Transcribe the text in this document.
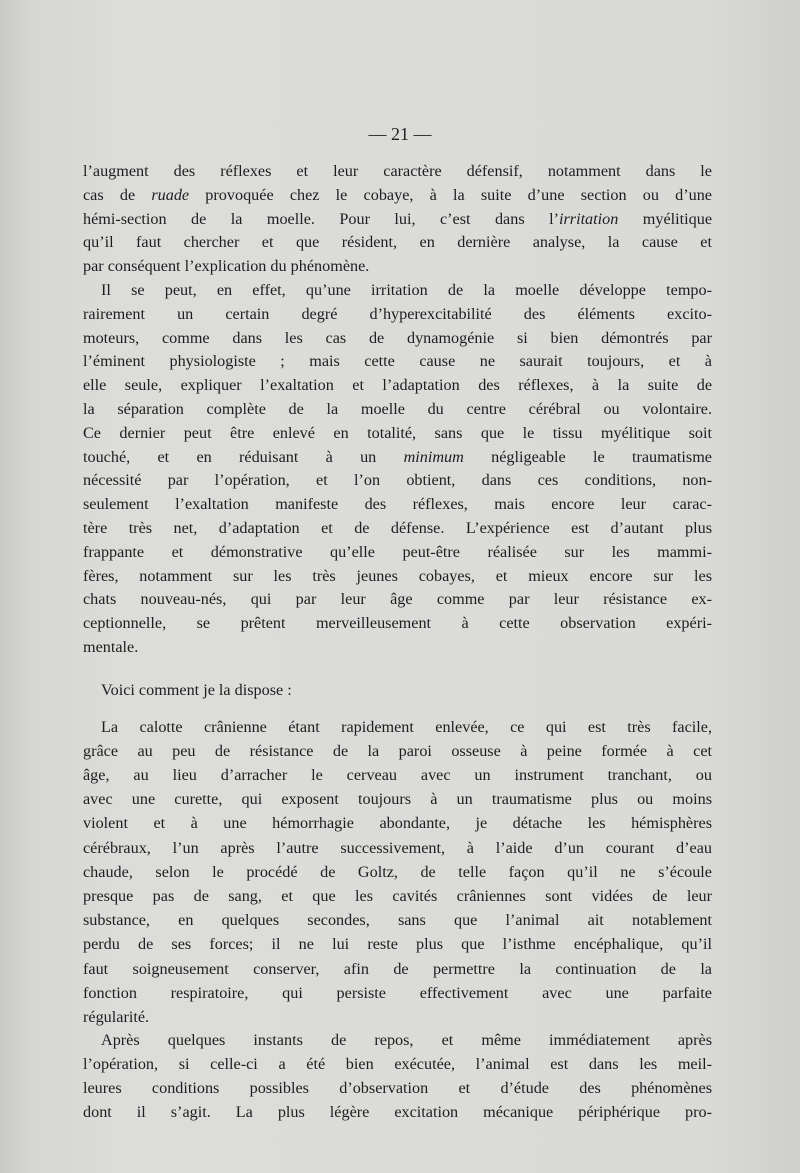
— 21 —
l’augment des réflexes et leur caractère défensif, notamment dans le
cas de ruade provoquée chez le cobaye, à la suite d’une section ou d’une
hémi-section de la moelle. Pour lui, c’est dans l’irritation myélitique
qu’il faut chercher et que résident, en dernière analyse, la cause et
par conséquent l’explication du phénomène.
Il se peut, en effet, qu’une irritation de la moelle développe tempo-
rairement un certain degré d’hyperexcitabilité des éléments excito-
moteurs, comme dans les cas de dynamogénie si bien démontrés par
l’éminent physiologiste ; mais cette cause ne saurait toujours, et à
elle seule, expliquer l’exaltation et l’adaptation des réflexes, à la suite de
la séparation complète de la moelle du centre cérébral ou volontaire.
Ce dernier peut être enlevé en totalité, sans que le tissu myélitique soit
touché, et en réduisant à un minimum négligeable le traumatisme
nécessité par l’opération, et l’on obtient, dans ces conditions, non-
seulement l’exaltation manifeste des réflexes, mais encore leur carac-
tère très net, d’adaptation et de défense. L’expérience est d’autant plus
frappante et démonstrative qu’elle peut-être réalisée sur les mammi-
fères, notamment sur les très jeunes cobayes, et mieux encore sur les
chats nouveau-nés, qui par leur âge comme par leur résistance ex-
ceptionnelle, se prêtent merveilleusement à cette observation expéri-
mentale.
Voici comment je la dispose :
La calotte crânienne étant rapidement enlevée, ce qui est très facile,
grâce au peu de résistance de la paroi osseuse à peine formée à cet
âge, au lieu d’arracher le cerveau avec un instrument tranchant, ou
avec une curette, qui exposent toujours à un traumatisme plus ou moins
violent et à une hémorrhagie abondante, je détache les hémisphères
cérébraux, l’un après l’autre successivement, à l’aide d’un courant d’eau
chaude, selon le procédé de Goltz, de telle façon qu’il ne s’écoule
presque pas de sang, et que les cavités crâniennes sont vidées de leur
substance, en quelques secondes, sans que l’animal ait notablement
perdu de ses forces; il ne lui reste plus que l’isthme encéphalique, qu’il
faut soigneusement conserver, afin de permettre la continuation de la
fonction respiratoire, qui persiste effectivement avec une parfaite
régularité.
Après quelques instants de repos, et même immédiatement après
l’opération, si celle-ci a été bien exécutée, l’animal est dans les meil-
leures conditions possibles d’observation et d’étude des phénomènes
dont il s’agit. La plus légère excitation mécanique périphérique pro-
